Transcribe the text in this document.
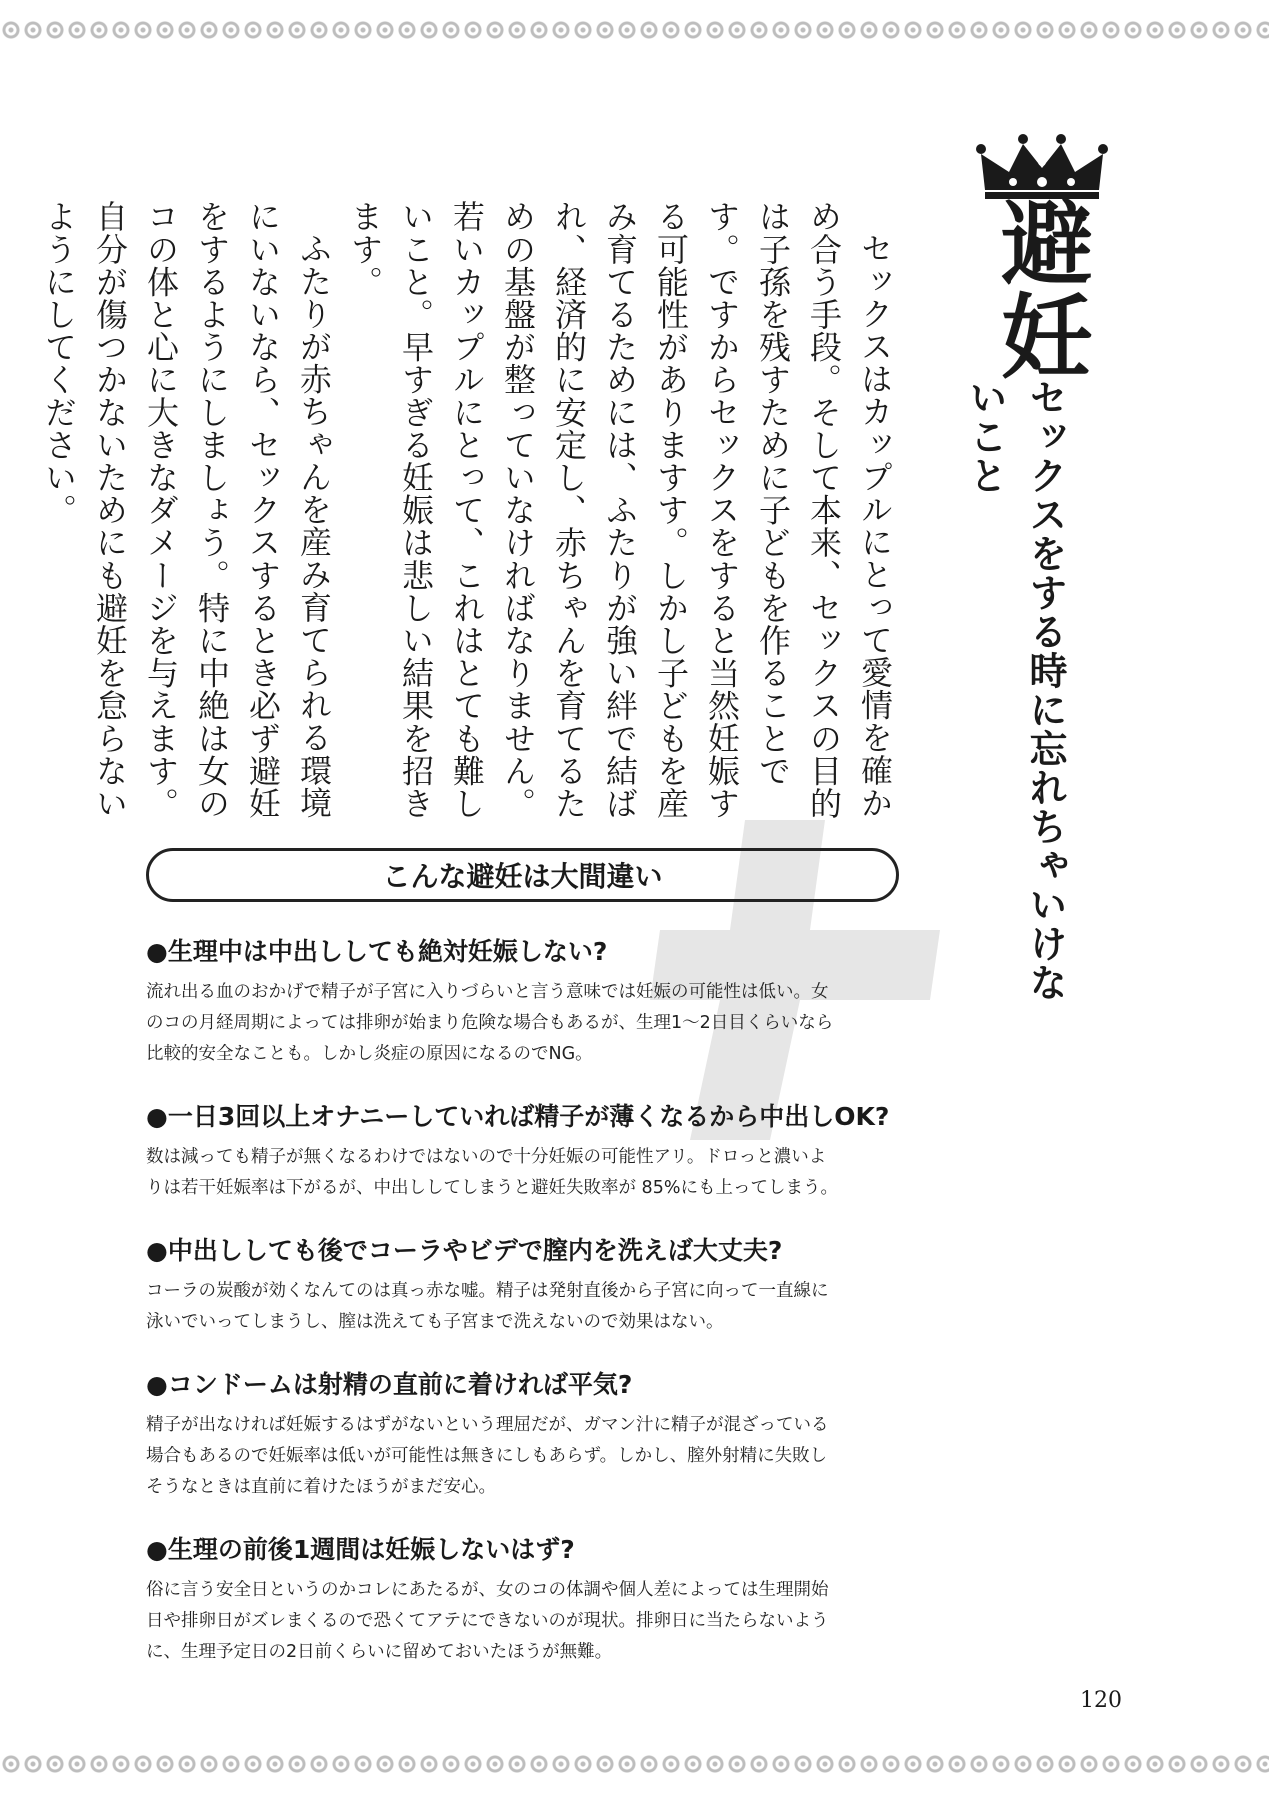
避妊
セックスをする時に忘れちゃいけないこと

セックスはカップルにとって愛情を確かめ合う手段。そして本来、セックスの目的は子孫を残すために子どもを作ることです。ですからセックスをすると当然妊娠する可能性がありますす。しかし子どもを産み育てるためには、ふたりが強い絆で結ばれ、経済的に安定し、赤ちゃんを育てるための基盤が整っていなければなりません。若いカップルにとって、これはとても難しいこと。早すぎる妊娠は悲しい結果を招きます。

ふたりが赤ちゃんを産み育てられる環境にいないなら、セックスするとき必ず避妊をするようにしましょう。特に中絶は女のコの体と心に大きなダメージを与えます。自分が傷つかないためにも避妊を怠らないようにしてください。

こんな避妊は大間違い

●生理中は中出ししても絶対妊娠しない?

流れ出る血のおかげで精子が子宮に入りづらいと言う意味では妊娠の可能性は低い。女
のコの月経周期によっては排卵が始まり危険な場合もあるが、生理1～2日目くらいなら
比較的安全なことも。しかし炎症の原因になるのでNG。

●一日3回以上オナニーしていれば精子が薄くなるから中出しOK?

数は減っても精子が無くなるわけではないので十分妊娠の可能性アリ。ドロっと濃いよ
りは若干妊娠率は下がるが、中出ししてしまうと避妊失敗率が 85%にも上ってしまう。

●中出ししても後でコーラやビデで膣内を洗えば大丈夫?

コーラの炭酸が効くなんてのは真っ赤な嘘。精子は発射直後から子宮に向って一直線に
泳いでいってしまうし、膣は洗えても子宮まで洗えないので効果はない。

●コンドームは射精の直前に着ければ平気?

精子が出なければ妊娠するはずがないという理屈だが、ガマン汁に精子が混ざっている
場合もあるので妊娠率は低いが可能性は無きにしもあらず。しかし、膣外射精に失敗し
そうなときは直前に着けたほうがまだ安心。

●生理の前後1週間は妊娠しないはず?

俗に言う安全日というのかコレにあたるが、女のコの体調や個人差によっては生理開始
日や排卵日がズレまくるので恐くてアテにできないのが現状。排卵日に当たらないよう
に、生理予定日の2日前くらいに留めておいたほうが無難。

120
